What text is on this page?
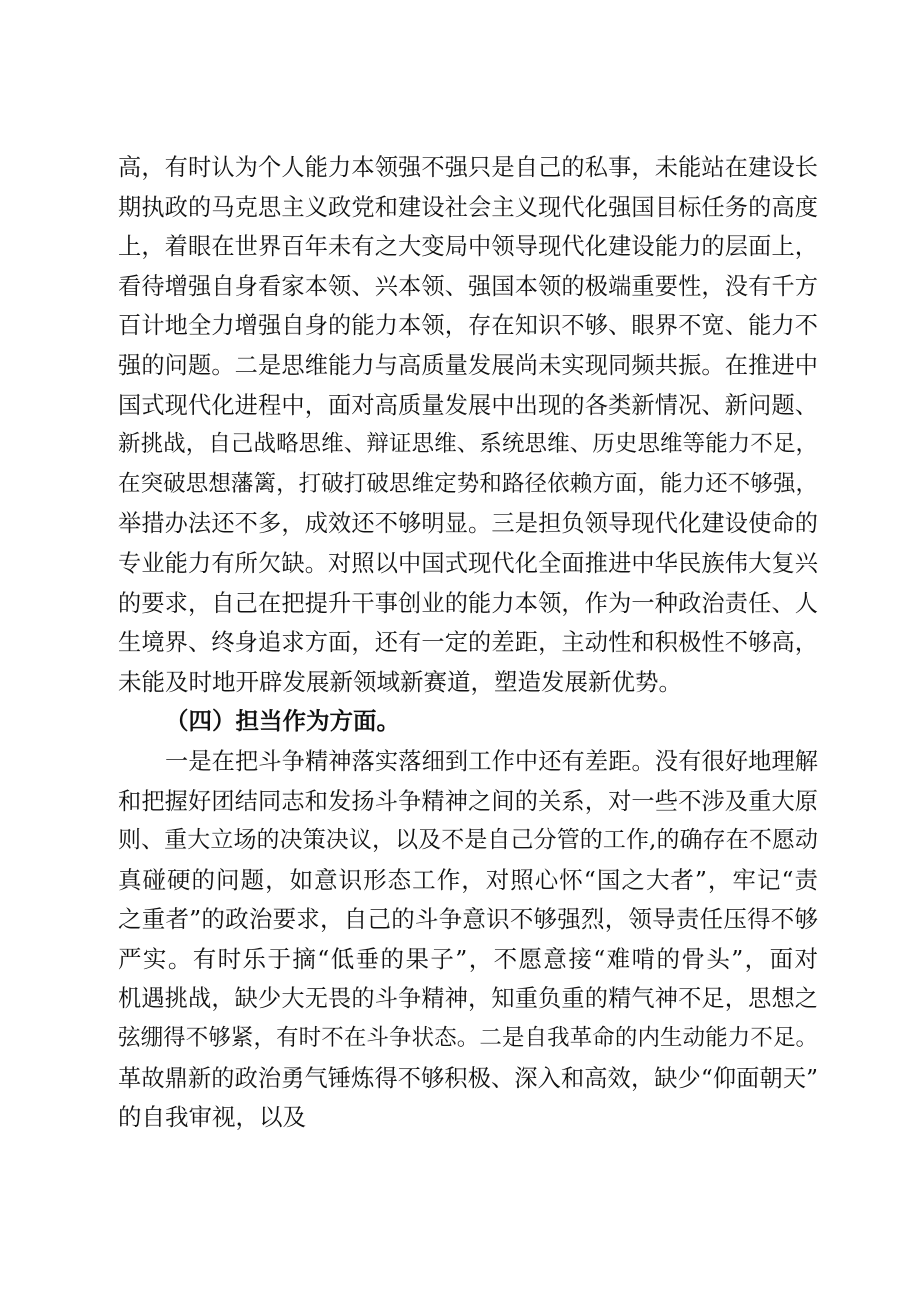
高，有时认为个人能力本领强不强只是自己的私事，未能站在建设长
期执政的马克思主义政党和建设社会主义现代化强国目标任务的高度
上，着眼在世界百年未有之大变局中领导现代化建设能力的层面上，
看待增强自身看家本领、兴本领、强国本领的极端重要性，没有千方
百计地全力增强自身的能力本领，存在知识不够、眼界不宽、能力不
强的问题。二是思维能力与高质量发展尚未实现同频共振。在推进中
国式现代化进程中，面对高质量发展中出现的各类新情况、新问题、
新挑战，自己战略思维、辩证思维、系统思维、历史思维等能力不足，
在突破思想藩篱，打破打破思维定势和路径依赖方面，能力还不够强，
举措办法还不多，成效还不够明显。三是担负领导现代化建设使命的
专业能力有所欠缺。对照以中国式现代化全面推进中华民族伟大复兴
的要求，自己在把提升干事创业的能力本领，作为一种政治责任、人
生境界、终身追求方面，还有一定的差距，主动性和积极性不够高，
未能及时地开辟发展新领域新赛道，塑造发展新优势。
（四）担当作为方面。
一是在把斗争精神落实落细到工作中还有差距。没有很好地理解
和把握好团结同志和发扬斗争精神之间的关系，对一些不涉及重大原
则、重大立场的决策决议，以及不是自己分管的工作,的确存在不愿动
真碰硬的问题，如意识形态工作，对照心怀“国之大者”，牢记“责
之重者”的政治要求，自己的斗争意识不够强烈，领导责任压得不够
严实。有时乐于摘“低垂的果子”，不愿意接“难啃的骨头”，面对
机遇挑战，缺少大无畏的斗争精神，知重负重的精气神不足，思想之
弦绷得不够紧，有时不在斗争状态。二是自我革命的内生动能力不足。
革故鼎新的政治勇气锤炼得不够积极、深入和高效，缺少“仰面朝天”
的自我审视，以及
